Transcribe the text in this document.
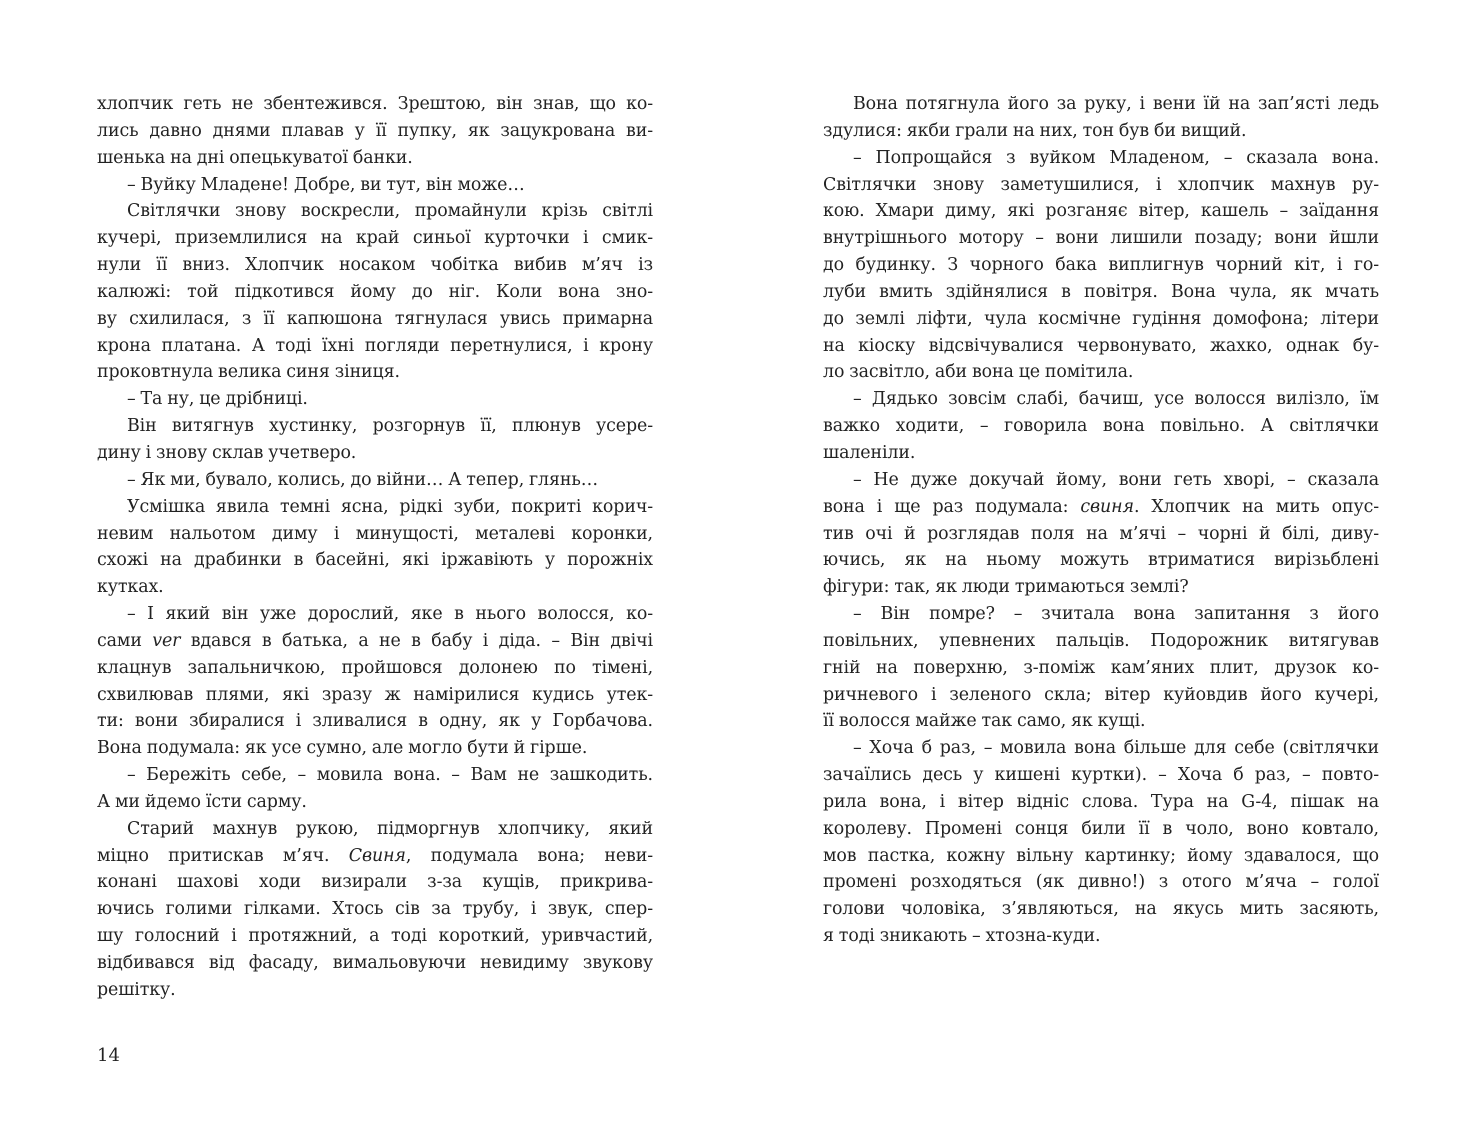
хлопчик геть не збентежився. Зрештою, він знав, що ко-
лись давно днями плавав у її пупку, як зацукрована ви-
шенька на дні опецькуватої банки.
– Вуйку Младене! Добре, ви тут, він може…
Світлячки знову воскресли, промайнули крізь світлі
кучері, приземлилися на край синьої курточки і смик-
нули її вниз. Хлопчик носаком чобітка вибив м’яч із
калюжі: той підкотився йому до ніг. Коли вона зно-
ву схилилася, з її капюшона тягнулася увись примарна
крона платана. А тоді їхні погляди перетнулися, і крону
проковтнула велика синя зіниця.
– Та ну, це дрібниці.
Він витягнув хустинку, розгорнув її, плюнув усере-
дину і знову склав учетверо.
– Як ми, бувало, колись, до війни… А тепер, глянь…
Усмішка явила темні ясна, рідкі зуби, покриті корич-
невим нальотом диму і минущості, металеві коронки,
схожі на драбинки в басейні, які іржавіють у порожніх
кутках.
– І який він уже дорослий, яке в нього волосся, ко-
сами ver вдався в батька, а не в бабу і діда. – Він двічі
клацнув запальничкою, пройшовся долонею по тімені,
схвилював плями, які зразу ж намірилися кудись утек-
ти: вони збиралися і зливалися в одну, як у Горбачова.
Вона подумала: як усе сумно, але могло бути й гірше.
– Бережіть себе, – мовила вона. – Вам не зашкодить.
А ми йдемо їсти сарму.
Старий махнув рукою, підморгнув хлопчику, який
міцно притискав м’яч. Свиня, подумала вона; неви-
конані шахові ходи визирали з-за кущів, прикрива-
ючись голими гілками. Хтось сів за трубу, і звук, спер-
шу голосний і протяжний, а тоді короткий, уривчастий,
відбивався від фасаду, вимальовуючи невидиму звукову
решітку.
Вона потягнула його за руку, і вени їй на зап’ясті ледь
здулися: якби грали на них, тон був би вищий.
– Попрощайся з вуйком Младеном, – сказала вона.
Світлячки знову заметушилися, і хлопчик махнув ру-
кою. Хмари диму, які розганяє вітер, кашель – заїдання
внутрішнього мотору – вони лишили позаду; вони йшли
до будинку. З чорного бака виплигнув чорний кіт, і го-
луби вмить здійнялися в повітря. Вона чула, як мчать
до землі ліфти, чула космічне гудіння домофона; літери
на кіоску відсвічувалися червонувато, жахко, однак бу-
ло засвітло, аби вона це помітила.
– Дядько зовсім слабі, бачиш, усе волосся вилізло, їм
важко ходити, – говорила вона повільно. А світлячки
шаленіли.
– Не дуже докучай йому, вони геть хворі, – сказала
вона і ще раз подумала: свиня. Хлопчик на мить опус-
тив очі й розглядав поля на м’ячі – чорні й білі, диву-
ючись, як на ньому можуть втриматися вирізьблені
фігури: так, як люди тримаються землі?
– Він помре? – зчитала вона запитання з його
повільних, упевнених пальців. Подорожник витягував
гній на поверхню, з-поміж кам’яних плит, друзок ко-
ричневого і зеленого скла; вітер куйовдив його кучері,
її волосся майже так само, як кущі.
– Хоча б раз, – мовила вона більше для себе (світлячки
зачаїлись десь у кишені куртки). – Хоча б раз, – повто-
рила вона, і вітер відніс слова. Тура на G-4, пішак на
королеву. Промені сонця били її в чоло, воно ковтало,
мов пастка, кожну вільну картинку; йому здавалося, що
промені розходяться (як дивно!) з отого м’яча – голої
голови чоловіка, з’являються, на якусь мить засяють,
я тоді зникають – хтозна-куди.
14
